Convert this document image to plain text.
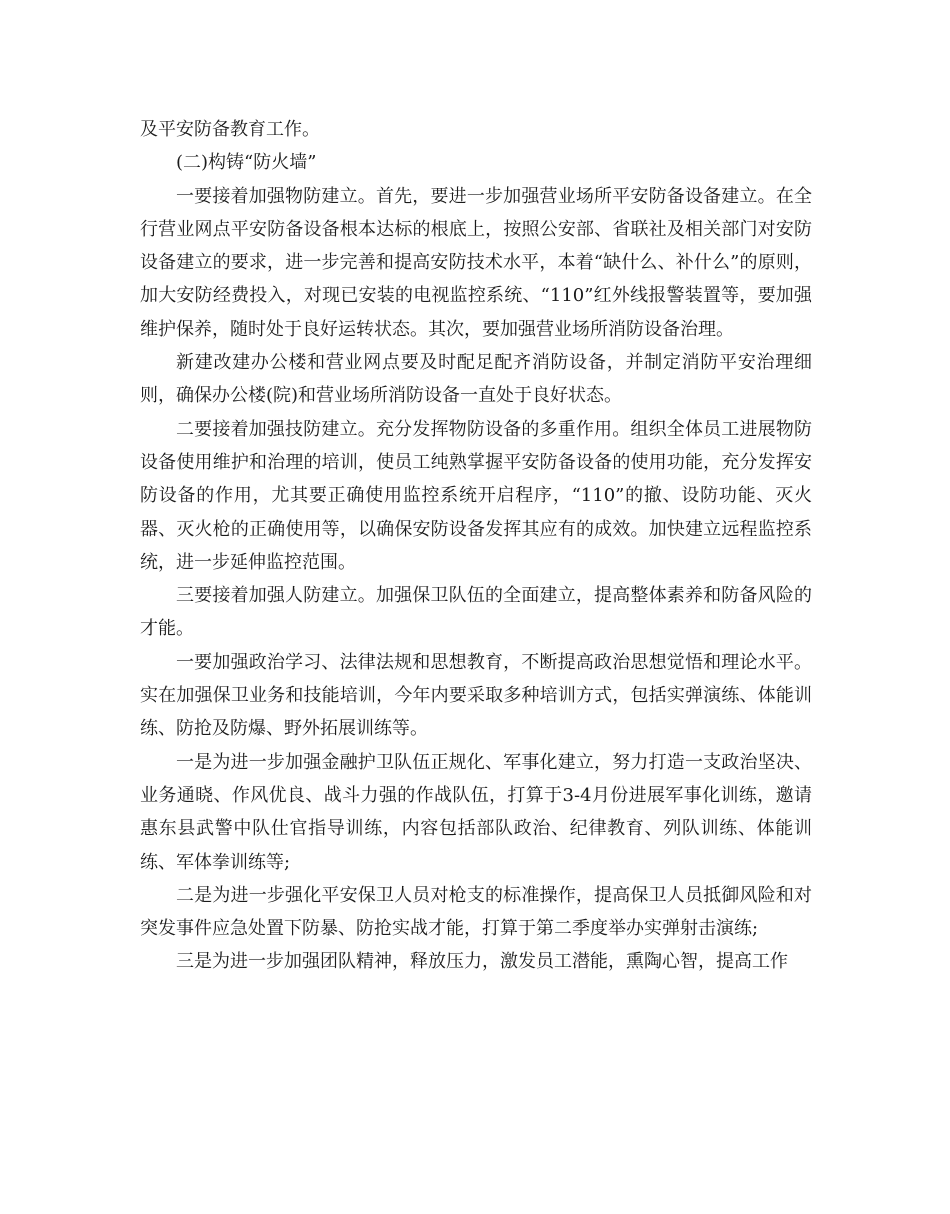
及平安防备教育工作。

(二)构铸“防火墙”

一要接着加强物防建立。首先，要进一步加强营业场所平安防备设备建立。在全行营业网点平安防备设备根本达标的根底上，按照公安部、省联社及相关部门对安防设备建立的要求，进一步完善和提高安防技术水平，本着“缺什么、补什么”的原则，加大安防经费投入，对现已安装的电视监控系统、“110”红外线报警装置等，要加强维护保养，随时处于良好运转状态。其次，要加强营业场所消防设备治理。

新建改建办公楼和营业网点要及时配足配齐消防设备，并制定消防平安治理细则，确保办公楼(院)和营业场所消防设备一直处于良好状态。

二要接着加强技防建立。充分发挥物防设备的多重作用。组织全体员工进展物防设备使用维护和治理的培训，使员工纯熟掌握平安防备设备的使用功能，充分发挥安防设备的作用，尤其要正确使用监控系统开启程序，“110”的撤、设防功能、灭火器、灭火枪的正确使用等，以确保安防设备发挥其应有的成效。加快建立远程监控系统，进一步延伸监控范围。

三要接着加强人防建立。加强保卫队伍的全面建立，提高整体素养和防备风险的才能。

一要加强政治学习、法律法规和思想教育，不断提高政治思想觉悟和理论水平。实在加强保卫业务和技能培训，今年内要采取多种培训方式，包括实弹演练、体能训练、防抢及防爆、野外拓展训练等。

一是为进一步加强金融护卫队伍正规化、军事化建立，努力打造一支政治坚决、业务通晓、作风优良、战斗力强的作战队伍，打算于3-4月份进展军事化训练，邀请惠东县武警中队仕官指导训练，内容包括部队政治、纪律教育、列队训练、体能训练、军体拳训练等;

二是为进一步强化平安保卫人员对枪支的标准操作，提高保卫人员抵御风险和对突发事件应急处置下防暴、防抢实战才能，打算于第二季度举办实弹射击演练;

三是为进一步加强团队精神，释放压力，激发员工潜能，熏陶心智，提高工作
